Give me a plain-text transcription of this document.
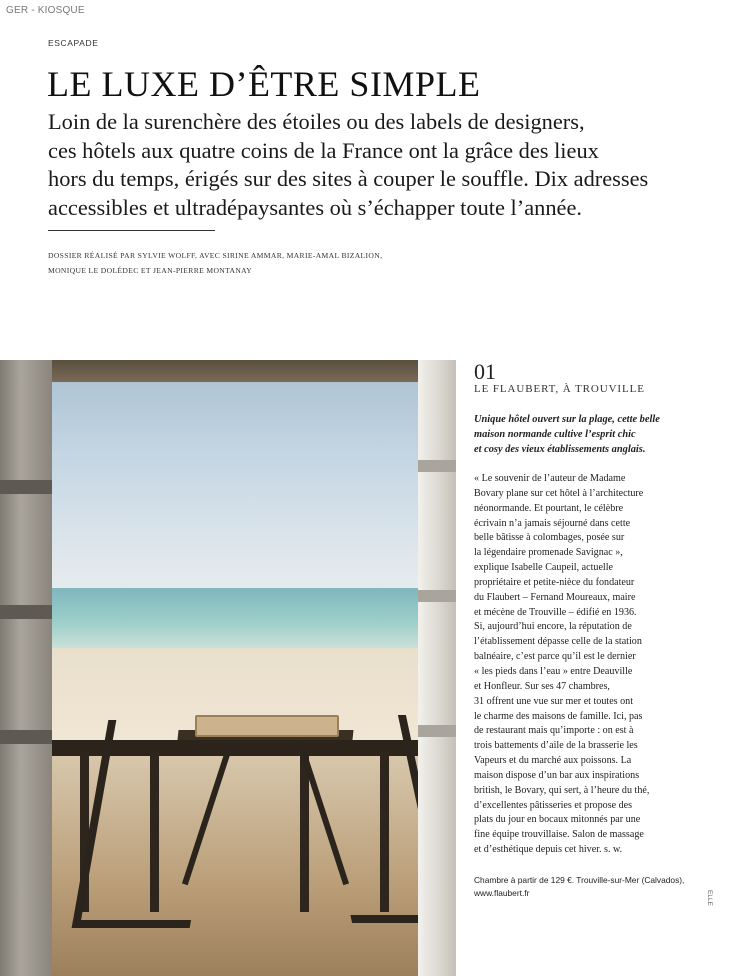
GER - KIOSQUE
ESCAPADE
LE LUXE D’ÊTRE SIMPLE
Loin de la surenchère des étoiles ou des labels de designers,
ces hôtels aux quatre coins de la France ont la grâce des lieux
hors du temps, érigés sur des sites à couper le souffle. Dix adresses
accessibles et ultradépaysantes où s’échapper toute l’année.
DOSSIER RÉALISÉ PAR SYLVIE WOLFF, AVEC SIRINE AMMAR, MARIE-AMAL BIZALION,
MONIQUE LE DOLÉDEC ET JEAN-PIERRE MONTANAY
01
LE FLAUBERT, À TROUVILLE
Unique hôtel ouvert sur la plage, cette belle
maison normande cultive l’esprit chic
et cosy des vieux établissements anglais.
« Le souvenir de l’auteur de Madame
Bovary plane sur cet hôtel à l’architecture
néonormande. Et pourtant, le célèbre
écrivain n’a jamais séjourné dans cette
belle bâtisse à colombages, posée sur
la légendaire promenade Savignac »,
explique Isabelle Caupeil, actuelle
propriétaire et petite-nièce du fondateur
du Flaubert – Fernand Moureaux, maire
et mécène de Trouville – édifié en 1936.
Si, aujourd’hui encore, la réputation de
l’établissement dépasse celle de la station
balnéaire, c’est parce qu’il est le dernier
« les pieds dans l’eau » entre Deauville
et Honfleur. Sur ses 47 chambres,
31 offrent une vue sur mer et toutes ont
le charme des maisons de famille. Ici, pas
de restaurant mais qu’importe : on est à
trois battements d’aile de la brasserie les
Vapeurs et du marché aux poissons. La
maison dispose d’un bar aux inspirations
british, le Bovary, qui sert, à l’heure du thé,
d’excellentes pâtisseries et propose des
plats du jour en bocaux mitonnés par une
fine équipe trouvillaise. Salon de massage
et d’esthétique depuis cet hiver. s. w.
Chambre à partir de 129 €. Trouville-sur-Mer (Calvados),
www.flaubert.fr	ELLE
